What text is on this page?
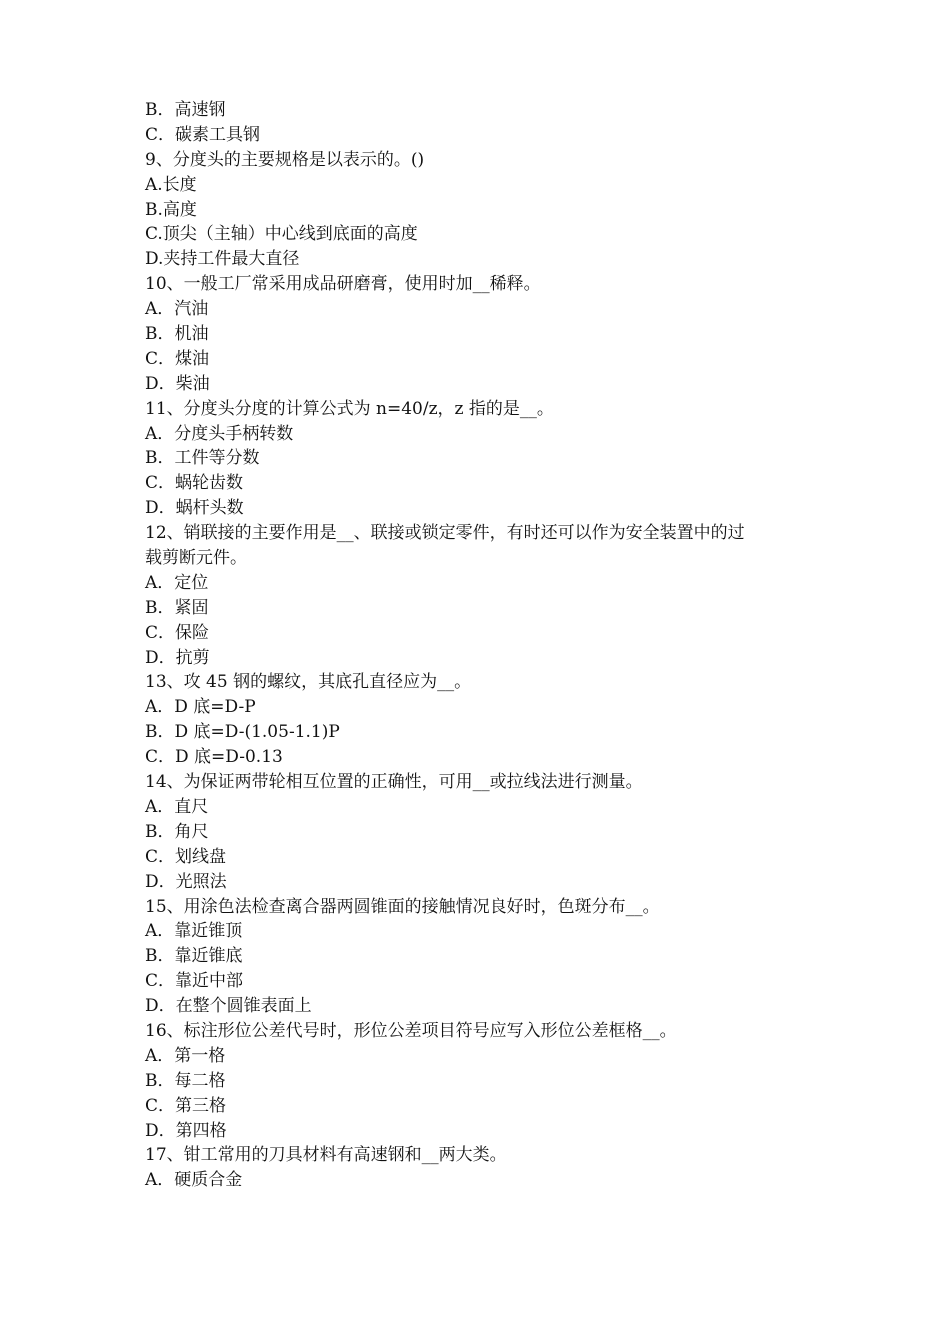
B．高速钢
C．碳素工具钢
9、分度头的主要规格是以表示的。()
A.长度
B.高度
C.顶尖（主轴）中心线到底面的高度
D.夹持工件最大直径
10、一般工厂常采用成品研磨膏，使用时加__稀释。
A．汽油
B．机油
C．煤油
D．柴油
11、分度头分度的计算公式为 n=40/z，z 指的是__。
A．分度头手柄转数
B．工件等分数
C．蜗轮齿数
D．蜗杆头数
12、销联接的主要作用是__、联接或锁定零件，有时还可以作为安全装置中的过
载剪断元件。
A．定位
B．紧固
C．保险
D．抗剪
13、攻 45 钢的螺纹，其底孔直径应为__。
A．D 底=D-P
B．D 底=D-(1.05-1.1)P
C．D 底=D-0.13
14、为保证两带轮相互位置的正确性，可用__或拉线法进行测量。
A．直尺
B．角尺
C．划线盘
D．光照法
15、用涂色法检查离合器两圆锥面的接触情况良好时，色斑分布__。
A．靠近锥顶
B．靠近锥底
C．靠近中部
D．在整个圆锥表面上
16、标注形位公差代号时，形位公差项目符号应写入形位公差框格__。
A．第一格
B．每二格
C．第三格
D．第四格
17、钳工常用的刀具材料有高速钢和__两大类。
A．硬质合金
